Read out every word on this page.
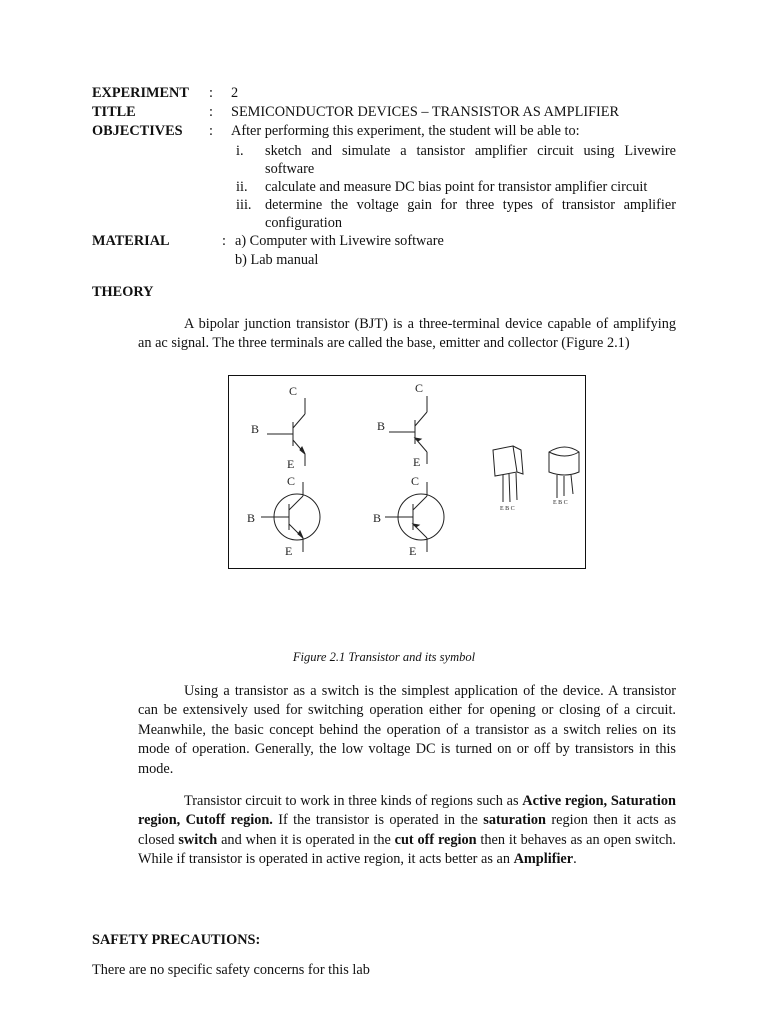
EXPERIMENT : 2
TITLE	: SEMICONDUCTOR DEVICES – TRANSISTOR AS AMPLIFIER
OBJECTIVES : After performing this experiment, the student will be able to:
i. sketch and simulate a tansistor amplifier circuit using Livewire
software
ii. calculate and measure DC bias point for transistor amplifier circuit
iii. determine the voltage gain for three types of transistor amplifier
configuration
MATERIAL	: a) Computer with Livewire software
b) Lab manual
THEORY

A bipolar junction transistor (BJT) is a three-terminal device capable of amplifying an ac signal. The three terminals are called the base, emitter and collector (Figure 2.1)

C
B
E
C
B
E
C
B
E
C
B
E
E B C
E B C
Figure 2.1 Transistor and its symbol

Using a transistor as a switch is the simplest application of the device. A transistor can be extensively used for switching operation either for opening or closing of a circuit. Meanwhile, the basic concept behind the operation of a transistor as a switch relies on its mode of operation. Generally, the low voltage DC is turned on or off by transistors in this mode.

Transistor circuit to work in three kinds of regions such as Active region, Saturation region, Cutoff region. If the transistor is operated in the saturation region then it acts as closed switch and when it is operated in the cut off region then it behaves as an open switch. While if transistor is operated in active region, it acts better as an Amplifier.

SAFETY PRECAUTIONS:
There are no specific safety concerns for this lab
